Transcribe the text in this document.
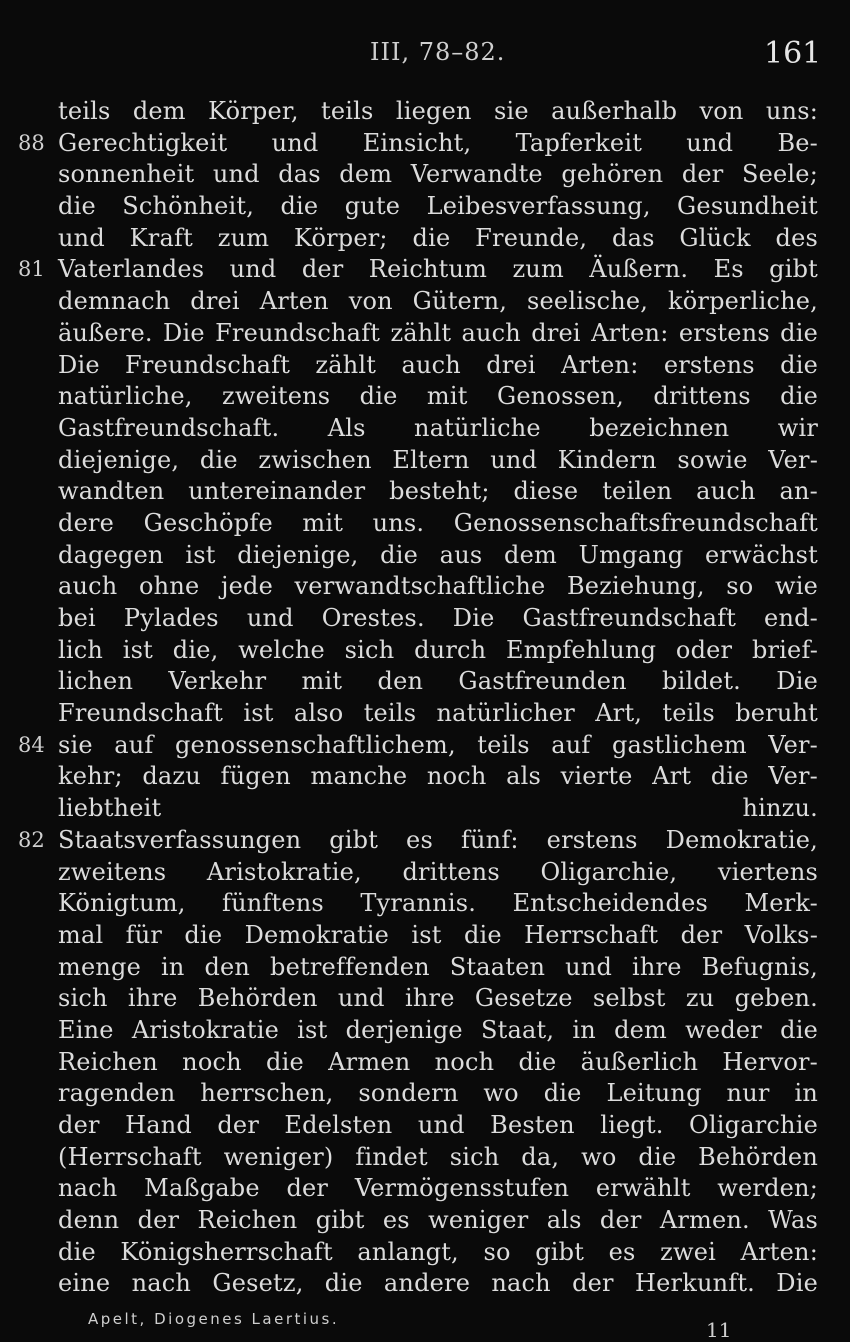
III, 78–82.	161
teils dem Körper, teils liegen sie außerhalb von uns:
88 Gerechtigkeit und Einsicht, Tapferkeit und Be-
sonnenheit und das dem Verwandte gehören der Seele;
die Schönheit, die gute Leibesverfassung, Gesundheit
und Kraft zum Körper; die Freunde, das Glück des
81 Vaterlandes und der Reichtum zum Äußern. Es gibt
demnach drei Arten von Gütern, seelische, körperliche,
äußere. Die Freundschaft zählt auch drei Arten: erstens die
Die Freundschaft zählt auch drei Arten: erstens die
natürliche, zweitens die mit Genossen, drittens die
Gastfreundschaft. Als natürliche bezeichnen wir
diejenige, die zwischen Eltern und Kindern sowie Ver-
wandten untereinander besteht; diese teilen auch an-
dere Geschöpfe mit uns. Genossenschaftsfreundschaft
dagegen ist diejenige, die aus dem Umgang erwächst
auch ohne jede verwandtschaftliche Beziehung, so wie
bei Pylades und Orestes. Die Gastfreundschaft end-
lich ist die, welche sich durch Empfehlung oder brief-
lichen Verkehr mit den Gastfreunden bildet. Die
Freundschaft ist also teils natürlicher Art, teils beruht
84 sie auf genossenschaftlichem, teils auf gastlichem Ver-
kehr; dazu fügen manche noch als vierte Art die Ver-
liebtheit hinzu.
82 Staatsverfassungen gibt es fünf: erstens Demokratie,
zweitens Aristokratie, drittens Oligarchie, viertens
Königtum, fünftens Tyrannis. Entscheidendes Merk-
mal für die Demokratie ist die Herrschaft der Volks-
menge in den betreffenden Staaten und ihre Befugnis,
sich ihre Behörden und ihre Gesetze selbst zu geben.
Eine Aristokratie ist derjenige Staat, in dem weder die
Reichen noch die Armen noch die äußerlich Hervor-
ragenden herrschen, sondern wo die Leitung nur in
der Hand der Edelsten und Besten liegt. Oligarchie
(Herrschaft weniger) findet sich da, wo die Behörden
nach Maßgabe der Vermögensstufen erwählt werden;
denn der Reichen gibt es weniger als der Armen. Was
die Königsherrschaft anlangt, so gibt es zwei Arten:
eine nach Gesetz, die andere nach der Herkunft. Die
Apelt, Diogenes Laertius.	11
